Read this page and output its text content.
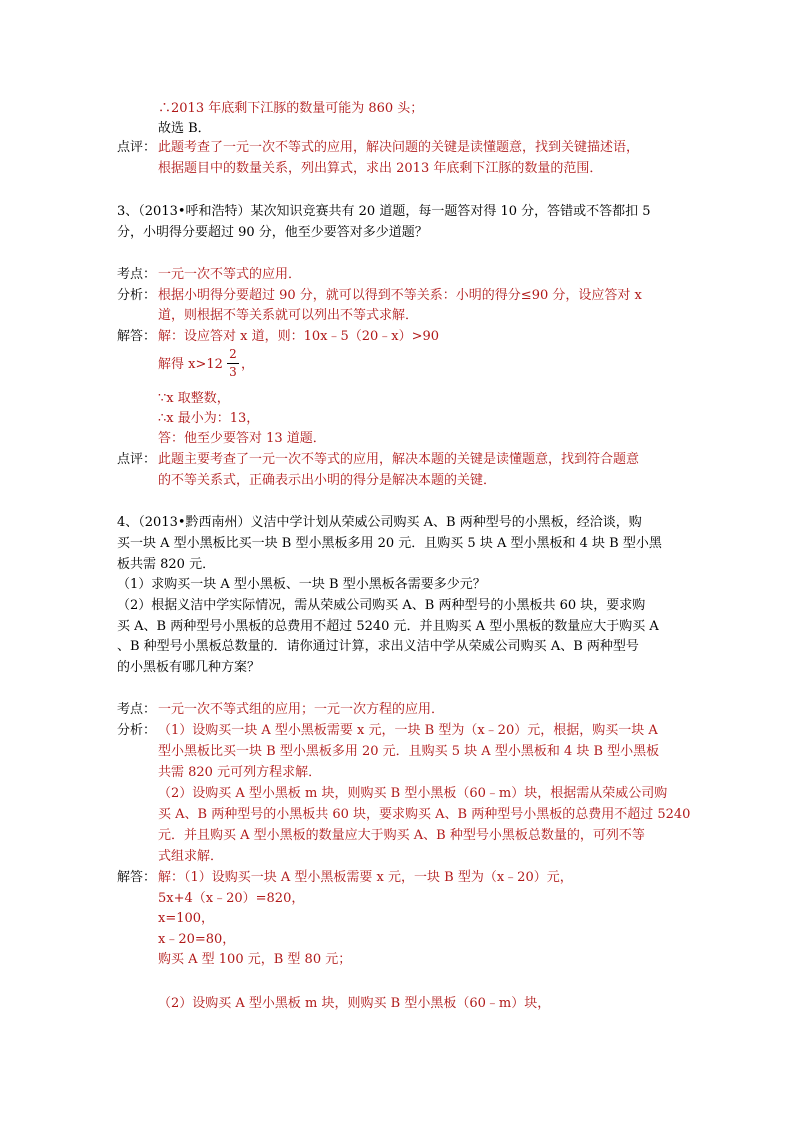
∴2013 年底剩下江豚的数量可能为 860 头；
故选 B．
点评： 此题考查了一元一次不等式的应用，解决问题的关键是读懂题意，找到关键描述语，
根据题目中的数量关系，列出算式，求出 2013 年底剩下江豚的数量的范围．
3、（2013•呼和浩特）某次知识竞赛共有 20 道题，每一题答对得 10 分，答错或不答都扣 5
分，小明得分要超过 90 分，他至少要答对多少道题？
考点： 一元一次不等式的应用．
分析： 根据小明得分要超过 90 分，就可以得到不等关系：小明的得分≤90 分，设应答对 x
道，则根据不等关系就可以列出不等式求解．
解答： 解：设应答对 x 道，则：10x﹣5（20﹣x）>90
解得 x>12
2
3 ，
∵x 取整数，
∴x 最小为：13，
答：他至少要答对 13 道题．
点评： 此题主要考查了一元一次不等式的应用，解决本题的关键是读懂题意，找到符合题意
的不等关系式，正确表示出小明的得分是解决本题的关键．
4、（2013•黔西南州）义洁中学计划从荣威公司购买 A、B 两种型号的小黑板，经洽谈，购
买一块 A 型小黑板比买一块 B 型小黑板多用 20 元．且购买 5 块 A 型小黑板和 4 块 B 型小黑
板共需 820 元．
（1）求购买一块 A 型小黑板、一块 B 型小黑板各需要多少元？
（2）根据义洁中学实际情况，需从荣威公司购买 A、B 两种型号的小黑板共 60 块，要求购
买 A、B 两种型号小黑板的总费用不超过 5240 元．并且购买 A 型小黑板的数量应大于购买 A
、B 种型号小黑板总数量的．请你通过计算，求出义洁中学从荣威公司购买 A、B 两种型号
的小黑板有哪几种方案？
考点： 一元一次不等式组的应用；一元一次方程的应用．
分析： （1）设购买一块 A 型小黑板需要 x 元，一块 B 型为（x﹣20）元，根据，购买一块 A
型小黑板比买一块 B 型小黑板多用 20 元．且购买 5 块 A 型小黑板和 4 块 B 型小黑板
共需 820 元可列方程求解．
（2）设购买 A 型小黑板 m 块，则购买 B 型小黑板（60﹣m）块，根据需从荣威公司购
买 A、B 两种型号的小黑板共 60 块，要求购买 A、B 两种型号小黑板的总费用不超过 5240
元．并且购买 A 型小黑板的数量应大于购买 A、B 种型号小黑板总数量的，可列不等
式组求解．
解答： 解：（1）设购买一块 A 型小黑板需要 x 元，一块 B 型为（x﹣20）元，
5x+4（x﹣20）=820，
x=100，
x﹣20=80，
购买 A 型 100 元，B 型 80 元；
（2）设购买 A 型小黑板 m 块，则购买 B 型小黑板（60﹣m）块，
